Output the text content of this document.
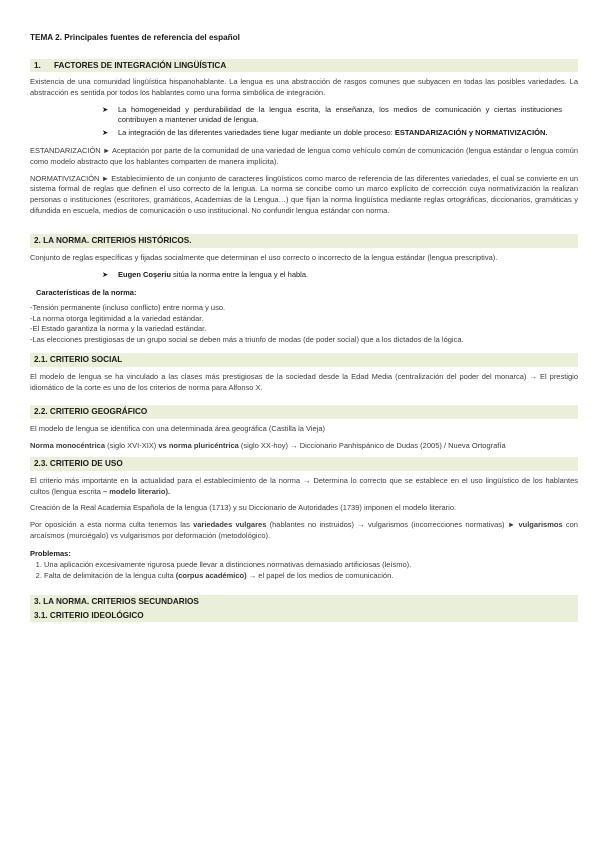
TEMA 2. Principales fuentes de referencia del español
1. FACTORES DE INTEGRACIÓN LINGÜÍSTICA

Existencia de una comunidad lingüística hispanohablante. La lengua es una abstracción de rasgos comunes que subyacen en todas las posibles variedades. La abstracción es sentida por todos los hablantes como una forma simbólica de integración.

➤ La homogeneidad y perdurabilidad de la lengua escrita, la enseñanza, los medios de comunicación y ciertas instituciones contribuyen a mantener unidad de lengua.
➤ La integración de las diferentes variedades tiene lugar mediante un doble proceso: ESTANDARIZACIÓN y NORMATIVIZACIÓN.

ESTANDARIZACIÓN ► Aceptación por parte de la comunidad de una variedad de lengua como vehículo común de comunicación (lengua estándar o lengua común como modelo abstracto que los hablantes comparten de manera implícita).

NORMATIVIZACIÓN ► Establecimiento de un conjunto de caracteres lingüísticos como marco de referencia de las diferentes variedades, el cual se convierte en un sistema formal de reglas que definen el uso correcto de la lengua. La norma se concibe como un marco explícito de corrección cuya normativización la realizan personas o instituciones (escritores, gramáticos, Academias de la Lengua…) que fijan la norma lingüística mediante reglas ortográficas, diccionarios, gramáticas y difundida en escuela, medios de comunicación o uso institucional. No confundir lengua estándar con norma.

2. LA NORMA. CRITERIOS HISTÓRICOS.

Conjunto de reglas específicas y fijadas socialmente que determinan el uso correcto o incorrecto de la lengua estándar (lengua prescriptiva).

➤ Eugen Coşeriu sitúa la norma entre la lengua y el habla.

Características de la norma:

-Tensión permanente (incluso conflicto) entre norma y uso.
-La norma otorga legitimidad a la variedad estándar.
-El Estado garantiza la norma y la variedad estándar.
-Las elecciones prestigiosas de un grupo social se deben más a triunfo de modas (de poder social) que a los dictados de la lógica.
2.1. CRITERIO SOCIAL

El modelo de lengua se ha vinculado a las clases más prestigiosas de la sociedad desde la Edad Media (centralización del poder del monarca) → El prestigio idiomático de la corte es uno de los criterios de norma para Alfonso X.

2.2. CRITERIO GEOGRÁFICO

El modelo de lengua se identifica con una determinada área geográfica (Castilla la Vieja)

Norma monocéntrica (siglo XVI-XIX) vs norma pluricéntrica (siglo XX-hoy) → Diccionario Panhispánico de Dudas (2005) / Nueva Ortografía

2.3. CRITERIO DE USO

El criterio más importante en la actualidad para el establecimiento de la norma → Determina lo correcto que se establece en el uso lingüístico de los hablantes cultos (lengua escrita – modelo literario).

Creación de la Real Academia Española de la lengua (1713) y su Diccionario de Autoridades (1739) imponen el modelo literario.

Por oposición a esta norma culta tenemos las variedades vulgares (hablantes no instruidos) → vulgarismos (incorrecciones normativas) ► vulgarismos con arcaísmos (murciégalo) vs vulgarismos por deformación (metodológico).

Problemas:
1. Una aplicación excesivamente rigurosa puede llevar a distinciones normativas demasiado artificiosas (leísmo).
2. Falta de delimitación de la lengua culta (corpus académico) → el papel de los medios de comunicación.
3. LA NORMA. CRITERIOS SECUNDARIOS
3.1. CRITERIO IDEOLÓGICO
